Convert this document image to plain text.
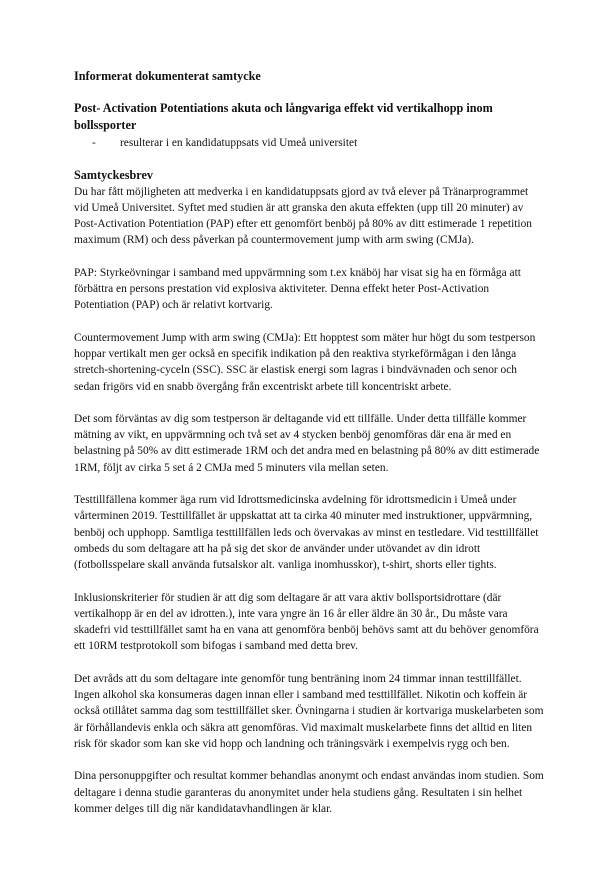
Informerat dokumenterat samtycke
Post- Activation Potentiations akuta och långvariga effekt vid vertikalhopp inom bollssporter
-	resulterar i en kandidatuppsats vid Umeå universitet
Samtyckesbrev

Du har fått möjligheten att medverka i en kandidatuppsats gjord av två elever på Tränarprogrammet vid Umeå Universitet. Syftet med studien är att granska den akuta effekten (upp till 20 minuter) av Post-Activation Potentiation (PAP) efter ett genomfört benböj på 80% av ditt estimerade 1 repetition maximum (RM) och dess påverkan på countermovement jump with arm swing (CMJa).

PAP: Styrkeövningar i samband med uppvärmning som t.ex knäböj har visat sig ha en förmåga att förbättra en persons prestation vid explosiva aktiviteter. Denna effekt heter Post-Activation Potentiation (PAP) och är relativt kortvarig.

Countermovement Jump with arm swing (CMJa): Ett hopptest som mäter hur högt du som testperson hoppar vertikalt men ger också en specifik indikation på den reaktiva styrkeförmågan i den långa stretch-shortening-cyceln (SSC). SSC är elastisk energi som lagras i bindvävnaden och senor och sedan frigörs vid en snabb övergång från excentriskt arbete till koncentriskt arbete.

Det som förväntas av dig som testperson är deltagande vid ett tillfälle. Under detta tillfälle kommer mätning av vikt, en uppvärmning och två set av 4 stycken benböj genomföras där ena är med en belastning på 50% av ditt estimerade 1RM och det andra med en belastning på 80% av ditt estimerade 1RM, följt av cirka 5 set á 2 CMJa med 5 minuters vila mellan seten.

Testtillfällena kommer äga rum vid Idrottsmedicinska avdelning för idrottsmedicin i Umeå under vårterminen 2019. Testtillfället är uppskattat att ta cirka 40 minuter med instruktioner, uppvärmning, benböj och upphopp. Samtliga testtillfällen leds och övervakas av minst en testledare. Vid testtillfället ombeds du som deltagare att ha på sig det skor de använder under utövandet av din idrott (fotbollsspelare skall använda futsalskor alt. vanliga inomhusskor), t-shirt, shorts eller tights.

Inklusionskriterier för studien är att dig som deltagare är att vara aktiv bollsportsidrottare (där vertikalhopp är en del av idrotten.), inte vara yngre än 16 år eller äldre än 30 år., Du måste vara skadefri vid testtillfället samt ha en vana att genomföra benböj behövs samt att du behöver genomföra ett 10RM testprotokoll som bifogas i samband med detta brev.

Det avråds att du som deltagare inte genomför tung benträning inom 24 timmar innan testtillfället. Ingen alkohol ska konsumeras dagen innan eller i samband med testtillfället. Nikotin och koffein är också otillåtet samma dag som testtillfället sker. Övningarna i studien är kortvariga muskelarbeten som är förhållandevis enkla och säkra att genomföras. Vid maximalt muskelarbete finns det alltid en liten risk för skador som kan ske vid hopp och landning och träningsvärk i exempelvis rygg och ben.

Dina personuppgifter och resultat kommer behandlas anonymt och endast användas inom studien. Som deltagare i denna studie garanteras du anonymitet under hela studiens gång. Resultaten i sin helhet kommer delges till dig när kandidatavhandlingen är klar.
